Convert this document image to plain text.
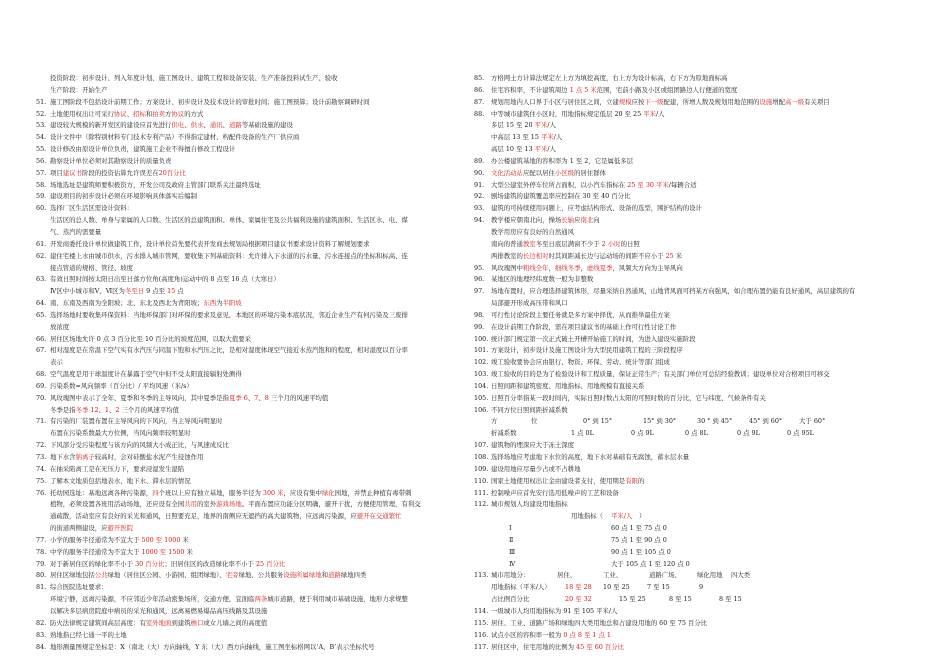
投资阶段：初步设计、列入年度计划、施工图设计、建筑工程和设备安装、生产准备投料试生产、验收
生产阶段：开始生产
51. 施工图阶段不包括设计前期工作；方案设计、初步设计及技术设计的审批时间；施工图预算；设计前勘察调研时间
52. 土地使用权出让可采行协议、招标和拍卖方协议的方式
53. 建设较大规模的新开发区的建设应首先进行供电、供水、通讯、道路等基础设施的建设
54. 设计文件中（除特别材料专门技术专利产品）不得指定建材、构配件设备的生产厂供应商
55. 设计修改由原设计单位负责，建筑施工企业不得擅自修改工程设计
56. 勘察设计单位必须对其勘察设计的质量负责
57. 项目建议书阶段的投资估算允许误差在20百分比
58. 场地选址是建筑师要积极资方，开发公司及政府主管部门联系关注最终选址
59. 建设项目的初步设计必须在环境影响具体落实后编制
60. 选择厂区生活区需设计资料：
生活区的总人数、单身与家属的人口数、生活区的总建筑面积、单体、家属住宅及公共福利设施的建筑面积、生活区水、电、煤
气、蒸汽的需要量
61. 开发商委托设计单位做建筑工作，设计单位首先要代表开发商去规划局根据项目建议书要求设计资料了解规划要求
62. 建住宅楼上水由城市供水，污水排入城市管网，要收集下列基础资料：允许排入下水道的污水量、污水连接点的坐标和标高、连
接点管道的规格、管径、坡度
63. 有效日照时间按太阳日出至日落方位角(高度角)运动中的 8 点至 16 点（大寒日）
Ⅳ区中小城市和Ⅴ、Ⅵ区为冬至日 9 点至 15 点
64. 南、东南及西南为全阳坡；北、东北及西北为背阳坡；东西为半阳坡
65. 选择场地时要收集环保资料：当地环保部门对环保的要求及意见，本地区的环境污染本底状况，邻近企业生产有何污染及三废排
放浓度
66. 居住区场地允许 0 点 3 百分比至 10 百分比的坡度范围，以取大值要采
67. 相对湿度是在常温下空气实有水汽压与同温下饱和水汽压之比，是相对湿度体现空气接近水蒸汽饱和的程度，相对湿度以百分率
表示
68. 空气温度是用干球温度计在暴露于空气中但不受太阳直接辐射处测得
69. 污染系数=风向频率（百分比）/ 平均风速（米/s）
70. 风玫瑰图中表示了全年、夏季和冬季的主导风向，其中夏季是指夏季 6、7、8 三个月的风速平均值
冬季是指冬季 12、1、2 三个月的风速平均值
71. 有污染的厂装置布置在主导风向的下风向，当主导风向明显时
布置在污染系数最大方位侧，当风向频率较明显时
72. 下风部分受污染程度与该方向的风频大小成正比，与风速成反比
73. 地下水含钠离子较高时，会对硅酸盐水泥产生侵蚀作用
74. 在抽采陷离工是在无压力下，要求浸湿发生湿陷
75. 了解本文地质包括地表水、地下水、滞水层的情况
76. 托幼园选址：基地远离各种污染源，四个班以上应有独立基地，服务半径为 300 米，应设有集中绿化园地，并禁止种植有毒带刺
植物，必须设置各班用活动场地，还应设有全园共用的室外游戏场地。平面布置应功能分区明确，避开干扰，方便使用管理，有利交
通疏散，活动室应有良好的采光和通风，日照要充足，地界的南侧应无遮挡的高大建筑物，应远离污染源，应避开在交通繁忙
的街道两侧建设，应避开医院
77. 小学的服务半径通常为不宜大于 500 至 1000 米
78. 中学的服务半径通常为不宜大于 1000 至 1500 米
79. 对于新居住区的绿化率不小于 30 百分比；旧居住区的改造绿化率不小于 25 百分比
80. 居住区绿地包括公共绿地（居住区公园、小游园、组团绿地）、宅旁绿地、公共服务设施所属绿地和道路绿地四类
81. 综合医院选址要求：
环境宁静，远离污染源，不应邻近少年活动密集场所，交通方便，宜面临两条城市道路，便于利用城市基础设施，地形力求规整
以解决多层病房院庭中病员的采光和通风，远离易燃易爆品高压线路及其设施
82. 防火法律规定建筑间高层高度：有室外地面到建筑檐口或女儿墙之间的高度值
83. 熟地指已经七通一平的土地
84. 地形测量图规定坐标是：X（南北（大）方向轴线，Y 东（大）西方向轴线，施工图坐标格网以‘A、B’表示坐标代号
85. 方格网土方计算法规定左上方为填挖高度，右上方为设计标高，右下方为原地面标高
86. 住宅容积率，不计建筑周边 1 点 5 米范围，宅前小路及小区或组团路边人行便道的宽度
87. 规划用地内人口界于小区与居住区之间，立建规模应按下一级配建，所增人数及规划用地范围的设施增配高一级有关项目
88. 中等城市建筑住小区时，用地指标规定低层 20 至 25 平米/人
多层 15 至 20 平米/人
中高层 13 至 15 平米/人
高层 10 至 13 平米/人
89. 办公楼建筑基地的容积率为 1 至 2，它是属低多层
90. 文化活动站应配以居住小区级的居住群体
91. 大型公建室外停车位所占面积，以小汽车指标在 25 至 30 平米/每辆合适
92. 剧场建筑的建筑覆盖率应控制在 30 至 40 百分比
93. 建筑的可持续使用问题上，应考虑结构形式、设备的选型，围护结构的设计
94. 教学楼应朝南北向，操场长轴应南北向
教学用房应有良好的自然通风
南向的普通教室冬至日底层满窗不少于 2 小时的日照
两排教室的长边相对时其间距减长边与运动场的间距不应小于 25 米
95. 风玫瑰图中粗线全年，细线冬季，虚线夏季，风频大方向为主导风向
96. 某地区的地理经纬度数一般为非整数
97. 场地布置时，应合理选择建筑体形，尽量采纳自然通风，山地背风面可挡某方向强风，如合理布置仍能有良好通风，高层建筑的有
局部避开形成高压带和风口
98. 可行性讨论阶段主要任务就是多方案中择优，从而推举最佳方案
99. 在设计前期工作阶段，需在项目建议书的基础上作可行性讨论工作
100. 统计部门规定第一次正式破土开槽开始施工的时间，为进入建设实施阶段
101. 方案设计，初步设计及施工图设计为大型民用建筑工程的三阶段程序
102. 竣工验收要协会应由银行、物资、环保、劳动、统计等部门组成
103. 竣工验收的目的是为了检验设计和工程质量，保证正常生产；有关部门单位可总结经验教训；建设单位对合格项目可移交
104. 日照间距和建筑密度、用地指标、用地规模有直接关系
105. 日照百分率指某一段时间内，实际日照时数占太阳的可照时数的百分比，它与纬度、气候条件有关
106. 不同方位日照间距折减系数
方	位	0° 到 15°	15° 到 30°	30 ° 到 45°	45° 到 60°	大于 60°
折减系数	1 点 0L	0 点 9L	0 点 8L	0 点 9L	0 点 95L
107. 建筑物的埋深应大于冻土深度
108. 选择场地应考虑地下水位的高度，地下水对基础有无腐蚀，蓄水层水量
109. 建设用地应尽量少占或不占耕地
110. 国家土地使用权出让金由建设者支付，使用期是有限的
111. 控制噪声应首先安行选用低噪声的工艺和设备
112. 城市规划人均建设用地指标
用地指标（ 平米/人 ）
Ⅰ	60 点 1 至 75 点 0
Ⅱ	75 点 1 至 90 点 0
Ⅲ	90 点 1 至 105 点 0
Ⅳ	大于 105 点 1 至 120 点 0
113. 城市用地分：	居住、	工业、	道路广场、	绿化用地 四大类
用地指标（平米/人） 18 至 28 10 至 25	7 至 15	9
占比例百分比	20 至 32	15 至 25	8 至 15	8 至 15
114. 一级城市人均用地指标为 91 至 105 平米/人
115. 居住、工业、道路广场和绿地四大类用地总和占建设用地的 60 至 75 百分比
116. 试点小区的容积率一般为 0 点 8 至 1 点 1
117. 居住区中，住宅用地的比例为 45 至 60 百分比
